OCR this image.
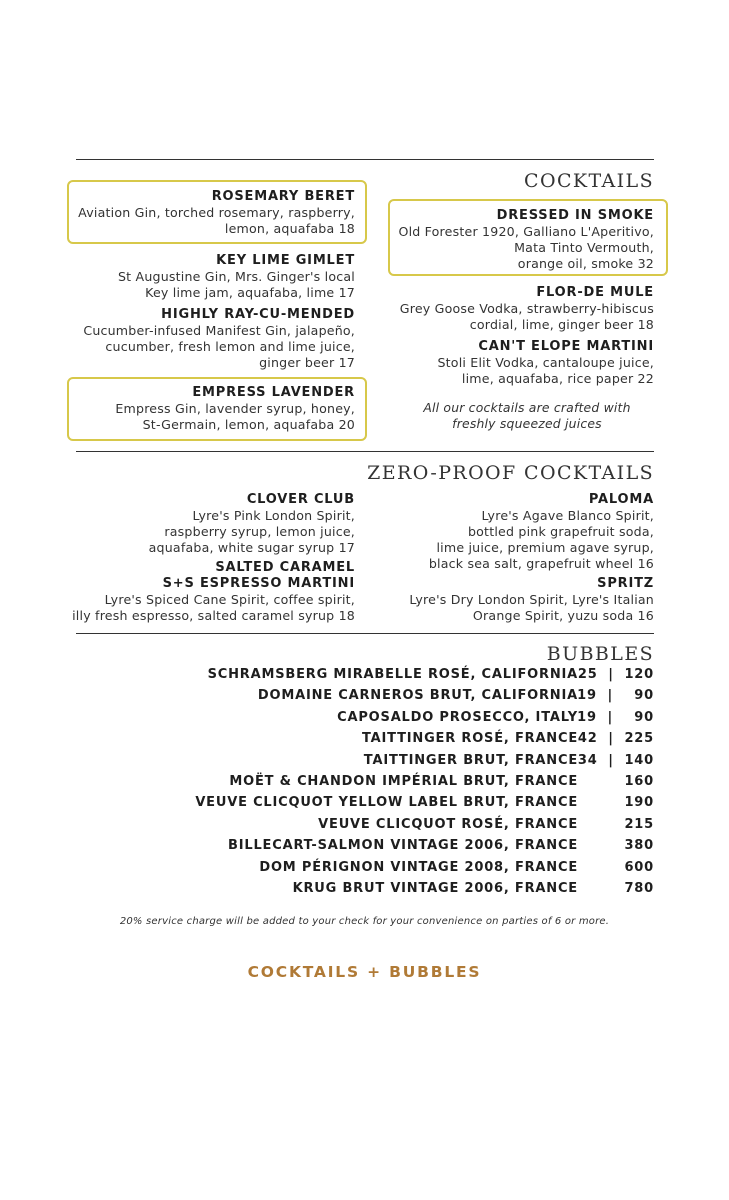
COCKTAILS
ROSEMARY BERET
Aviation Gin, torched rosemary, raspberry,
lemon, aquafaba 18
KEY LIME GIMLET
St Augustine Gin, Mrs. Ginger's local
Key lime jam, aquafaba, lime 17
HIGHLY RAY-CU-MENDED
Cucumber-infused Manifest Gin, jalapeño,
cucumber, fresh lemon and lime juice,
ginger beer 17
EMPRESS LAVENDER
Empress Gin, lavender syrup, honey,
St-Germain, lemon, aquafaba 20
DRESSED IN SMOKE
Old Forester 1920, Galliano L'Aperitivo,
Mata Tinto Vermouth,
orange oil, smoke 32
FLOR-DE MULE
Grey Goose Vodka, strawberry-hibiscus
cordial, lime, ginger beer 18
CAN'T ELOPE MARTINI
Stoli Elit Vodka, cantaloupe juice,
lime, aquafaba, rice paper 22
All our cocktails are crafted with
freshly squeezed juices
ZERO-PROOF COCKTAILS
CLOVER CLUB
Lyre's Pink London Spirit,
raspberry syrup, lemon juice,
aquafaba, white sugar syrup 17
SALTED CARAMEL
S+S ESPRESSO MARTINI
Lyre's Spiced Cane Spirit, coffee spirit,
illy fresh espresso, salted caramel syrup 18
PALOMA
Lyre's Agave Blanco Spirit,
bottled pink grapefruit soda,
lime juice, premium agave syrup,
black sea salt, grapefruit wheel 16
SPRITZ
Lyre's Dry London Spirit, Lyre's Italian
Orange Spirit, yuzu soda 16
BUBBLES
SCHRAMSBERG MIRABELLE ROSÉ, CALIFORNIA 25  |  120
DOMAINE CARNEROS BRUT, CALIFORNIA 19  |    90
CAPOSALDO PROSECCO, ITALY 19  |    90
TAITTINGER ROSÉ, FRANCE 42  |  225
TAITTINGER BRUT, FRANCE 34  |  140
MOËT & CHANDON IMPÉRIAL BRUT, FRANCE	160
VEUVE CLICQUOT YELLOW LABEL BRUT, FRANCE	190
VEUVE CLICQUOT ROSÉ, FRANCE	215
BILLECART-SALMON VINTAGE 2006, FRANCE	380
DOM PÉRIGNON VINTAGE 2008, FRANCE	600
KRUG BRUT VINTAGE 2006, FRANCE	780
20% service charge will be added to your check for your convenience on parties of 6 or more.
COCKTAILS + BUBBLES
